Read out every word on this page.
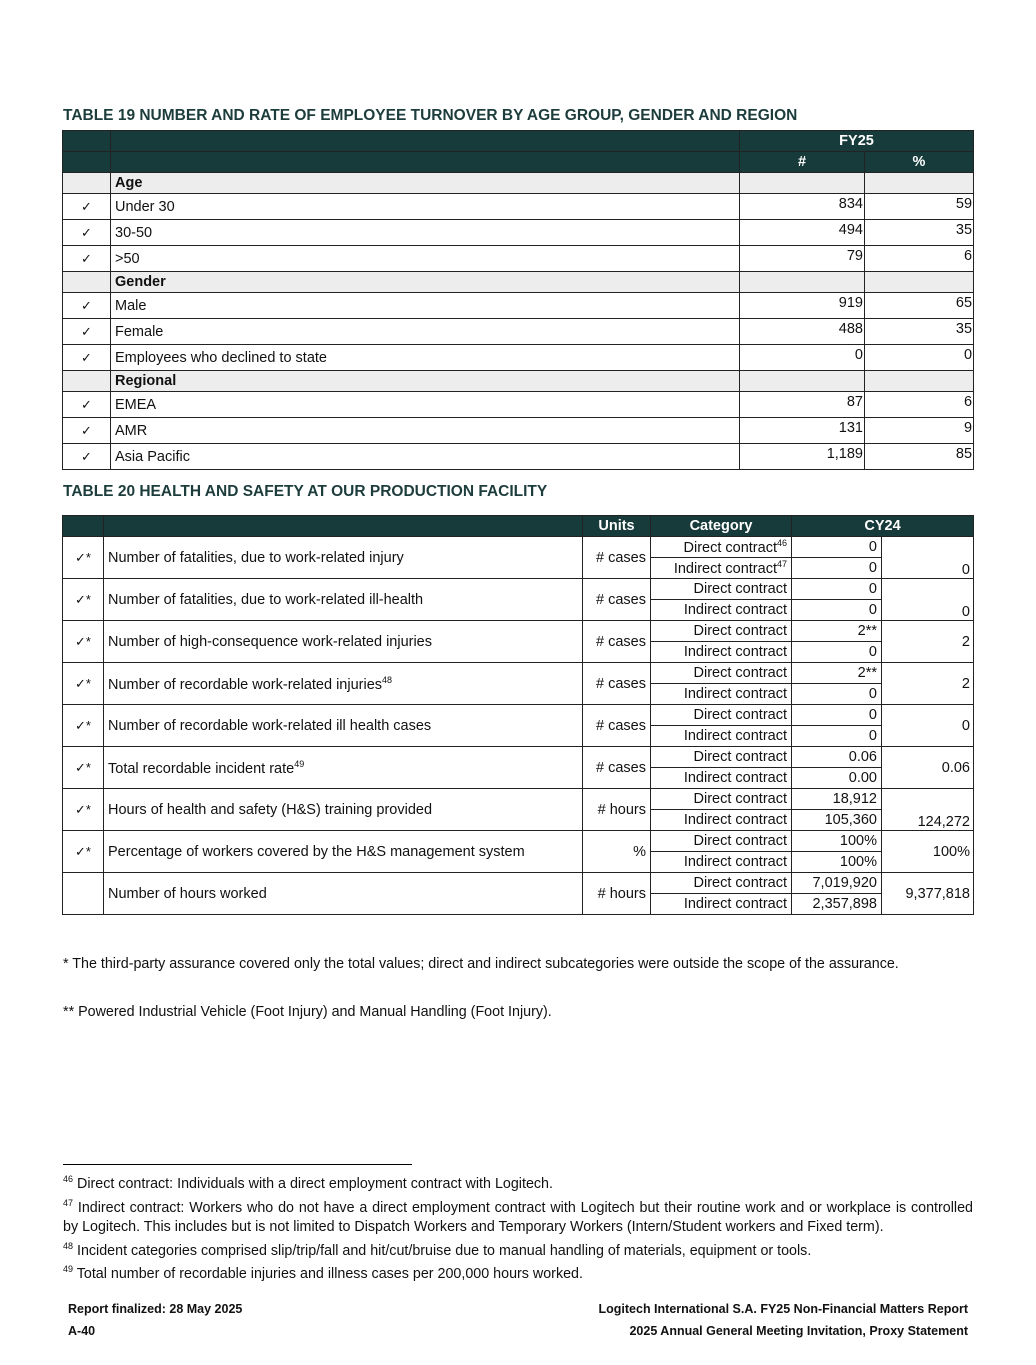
TABLE 19 NUMBER AND RATE OF EMPLOYEE TURNOVER BY AGE GROUP, GENDER AND REGION
		FY25	
		#	%
	Age		
✓	Under 30	834	59
✓	30-50	494	35
✓	>50	79	6
	Gender		
✓	Male	919	65
✓	Female	488	35
✓	Employees who declined to state	0	0
	Regional		
✓	EMEA	87	6
✓	AMR	131	9
✓	Asia Pacific	1,189	85
TABLE 20 HEALTH AND SAFETY AT OUR PRODUCTION FACILITY
		Units	Category	CY24	
✓*	Number of fatalities, due to work-related injury	# cases	Direct contract$^{46}$	0	0
			Indirect contract$^{47}$	0	
✓*	Number of fatalities, due to work-related ill-health	# cases	Direct contract	0	0
			Indirect contract	0	
✓*	Number of high-consequence work-related injuries	# cases	Direct contract	2**	2
			Indirect contract	0	
✓*	Number of recordable work-related injuries$^{48}$	# cases	Direct contract	2**	2
			Indirect contract	0	
✓*	Number of recordable work-related ill health cases	# cases	Direct contract	0	0
			Indirect contract	0	
✓*	Total recordable incident rate$^{49}$	# cases	Direct contract	0.06	0.06
			Indirect contract	0.00	
✓*	Hours of health and safety (H&S) training provided	# hours	Direct contract	18,912	124,272
			Indirect contract	105,360	
✓*	Percentage of workers covered by the H&S management system	%	Direct contract	100%	100%
			Indirect contract	100%	
	Number of hours worked	# hours	Direct contract	7,019,920	9,377,818
			Indirect contract	2,357,898	
* The third-party assurance covered only the total values; direct and indirect subcategories were outside the scope of the assurance.
** Powered Industrial Vehicle (Foot Injury) and Manual Handling (Foot Injury).
$^{46}$ Direct contract: Individuals with a direct employment contract with Logitech.
$^{47}$ Indirect contract: Workers who do not have a direct employment contract with Logitech but their routine work and or workplace is controlled by Logitech. This includes but is not limited to Dispatch Workers and Temporary Workers (Intern/Student workers and Fixed term).
$^{48}$ Incident categories comprised slip/trip/fall and hit/cut/bruise due to manual handling of materials, equipment or tools.
$^{49}$ Total number of recordable injuries and illness cases per 200,000 hours worked.
Report finalized: 28 May 2025
A-40
Logitech International S.A. FY25 Non-Financial Matters Report
2025 Annual General Meeting Invitation, Proxy Statement
